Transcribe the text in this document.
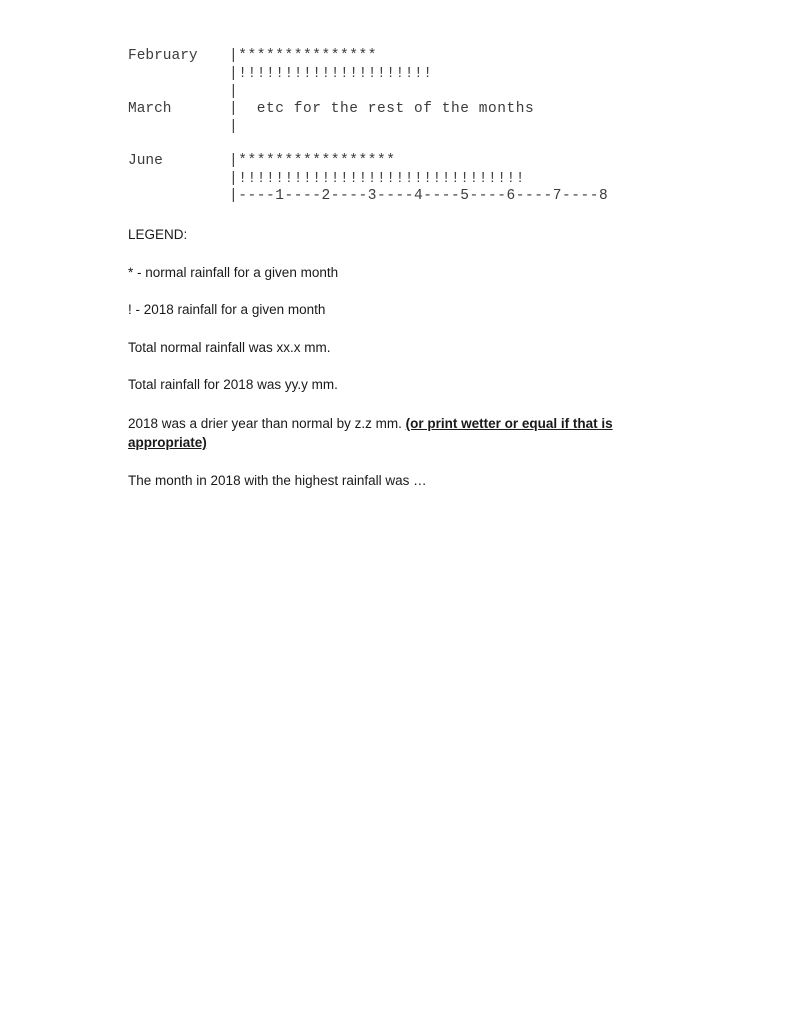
February

|***************

|!!!!!!!!!!!!!!!!!!!!!

|

March

	|  etc for the rest of the months

|

June

	|*****************

|!!!!!!!!!!!!!!!!!!!!!!!!!!!!!!!

|----1----2----3----4----5----6----7----8

LEGEND:
* - normal rainfall for a given month
! - 2018 rainfall for a given month
Total normal rainfall was xx.x mm.
Total rainfall for 2018 was yy.y mm.
2018 was a drier year than normal by z.z mm. (or print wetter or equal if that is appropriate)
The month in 2018 with the highest rainfall was …
